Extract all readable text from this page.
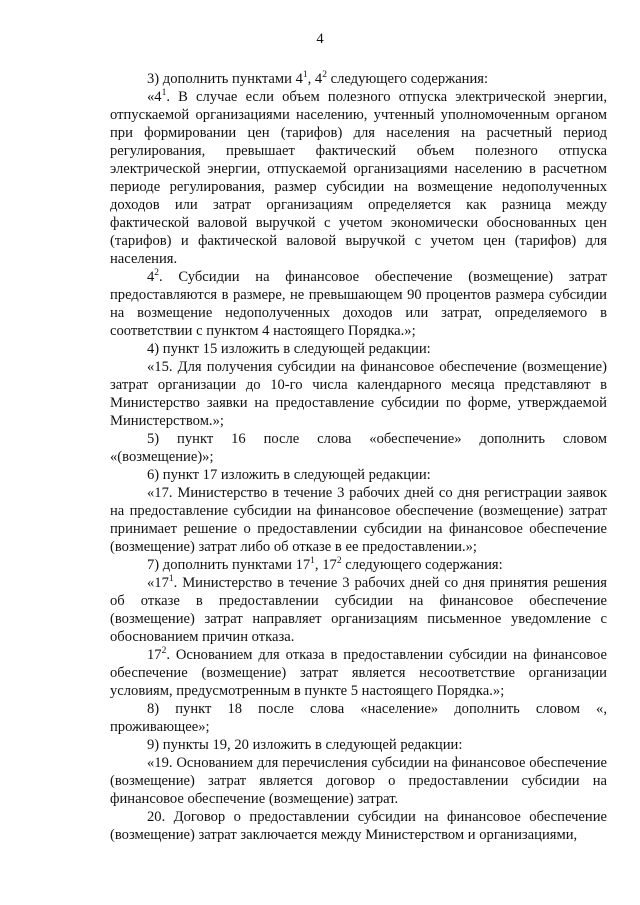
4

3) дополнить пунктами $4^1$, $4^2$ следующего содержания:

«$4^1$. В случае если объем полезного отпуска электрической энергии, отпускаемой организациями населению, учтенный уполномоченным органом при формировании цен (тарифов) для населения на расчетный период регулирования, превышает фактический объем полезного отпуска электрической энергии, отпускаемой организациями населению в расчетном периоде регулирования, размер субсидии на возмещение недополученных доходов или затрат организациям определяется как разница между фактической валовой выручкой с учетом экономически обоснованных цен (тарифов) и фактической валовой выручкой с учетом цен (тарифов) для населения.

$4^2$. Субсидии на финансовое обеспечение (возмещение) затрат предоставляются в размере, не превышающем 90 процентов размера субсидии на возмещение недополученных доходов или затрат, определяемого в соответствии с пунктом 4 настоящего Порядка.»;

4) пункт 15 изложить в следующей редакции:

«15. Для получения субсидии на финансовое обеспечение (возмещение) затрат организации до 10-го числа календарного месяца представляют в Министерство заявки на предоставление субсидии по форме, утверждаемой Министерством.»;

5) пункт 16 после слова «обеспечение» дополнить словом «(возмещение)»;

6) пункт 17 изложить в следующей редакции:

«17. Министерство в течение 3 рабочих дней со дня регистрации заявок на предоставление субсидии на финансовое обеспечение (возмещение) затрат принимает решение о предоставлении субсидии на финансовое обеспечение (возмещение) затрат либо об отказе в ее предоставлении.»;

7) дополнить пунктами $17^1$, $17^2$ следующего содержания:

«$17^1$. Министерство в течение 3 рабочих дней со дня принятия решения об отказе в предоставлении субсидии на финансовое обеспечение (возмещение) затрат направляет организациям письменное уведомление с обоснованием причин отказа.

$17^2$. Основанием для отказа в предоставлении субсидии на финансовое обеспечение (возмещение) затрат является несоответствие организации условиям, предусмотренным в пункте 5 настоящего Порядка.»;

8) пункт 18 после слова «население» дополнить словом «, проживающее»;

9) пункты 19, 20 изложить в следующей редакции:

«19. Основанием для перечисления субсидии на финансовое обеспечение (возмещение) затрат является договор о предоставлении субсидии на финансовое обеспечение (возмещение) затрат.

20. Договор о предоставлении субсидии на финансовое обеспечение (возмещение) затрат заключается между Министерством и организациями,
